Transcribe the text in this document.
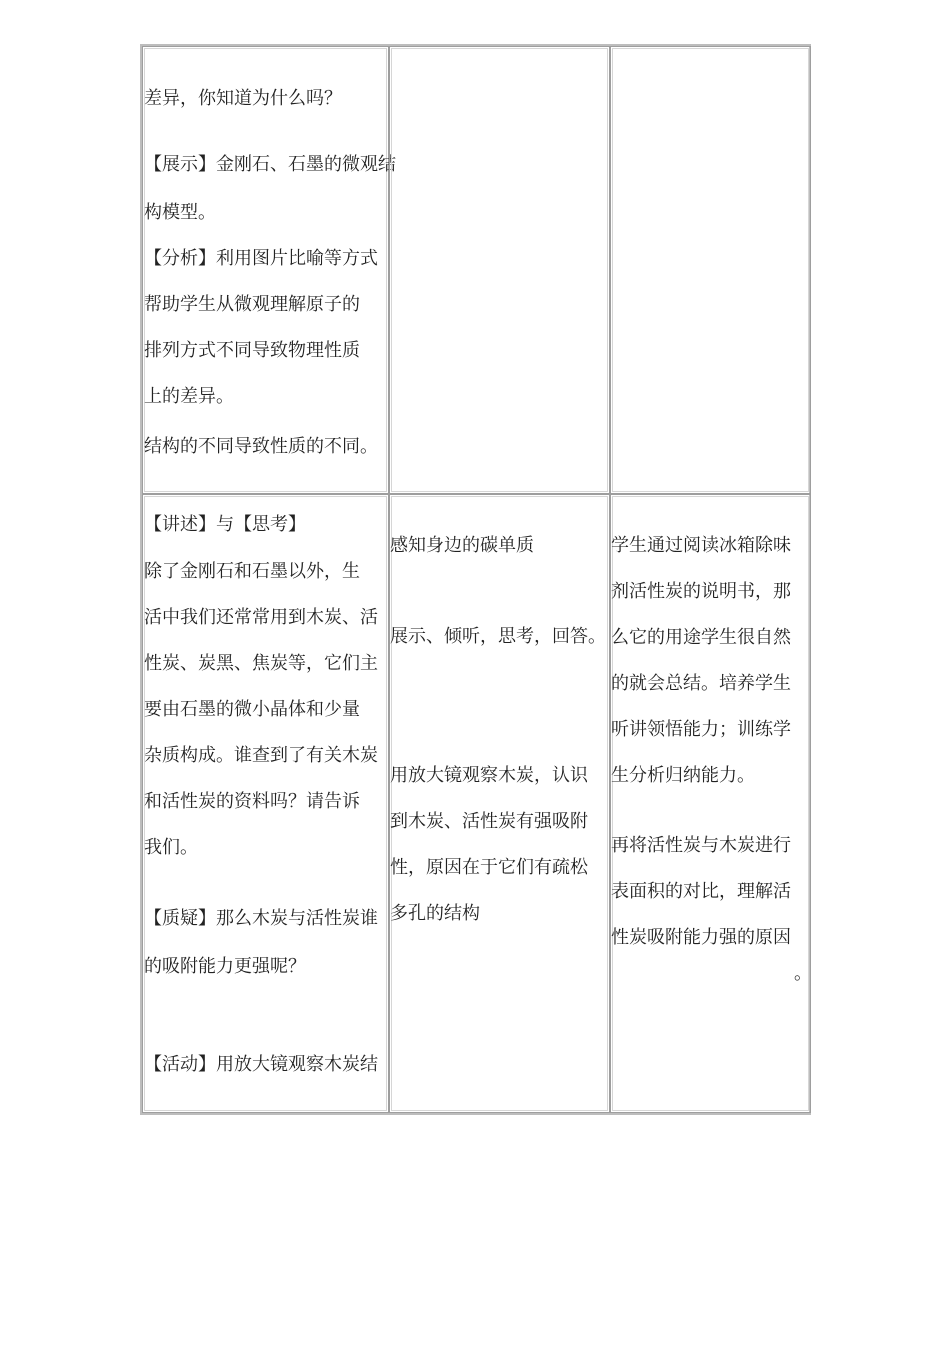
差异，你知道为什么吗？
【展示】金刚石、石墨的微观结
构模型。
【分析】利用图片比喻等方式
帮助学生从微观理解原子的
排列方式不同导致物理性质
上的差异。
结构的不同导致性质的不同。
【讲述】与【思考】
除了金刚石和石墨以外，生
活中我们还常常用到木炭、活
性炭、炭黑、焦炭等，它们主
要由石墨的微小晶体和少量
杂质构成。谁查到了有关木炭
和活性炭的资料吗？请告诉
我们。
【质疑】那么木炭与活性炭谁
的吸附能力更强呢？
【活动】用放大镜观察木炭结
感知身边的碳单质
展示、倾听，思考，回答。
用放大镜观察木炭，认识
到木炭、活性炭有强吸附
性，原因在于它们有疏松
多孔的结构
学生通过阅读冰箱除味
剂活性炭的说明书，那
么它的用途学生很自然
的就会总结。培养学生
听讲领悟能力；训练学
生分析归纳能力。
再将活性炭与木炭进行
表面积的对比，理解活
性炭吸附能力强的原因
。
